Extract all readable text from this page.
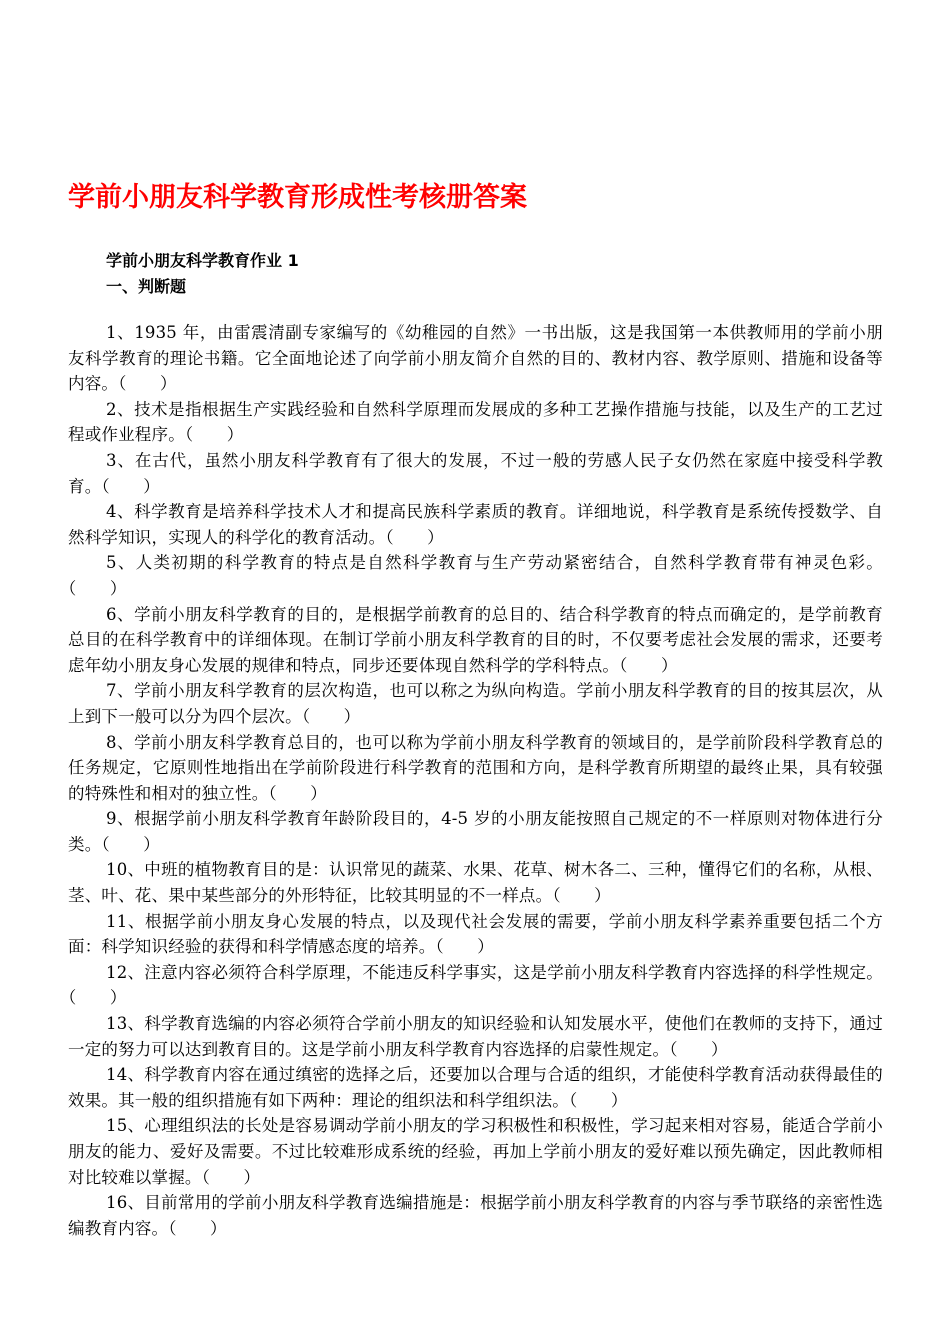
学前小朋友科学教育形成性考核册答案
学前小朋友科学教育作业 1
一、判断题
1、1935 年，由雷震清副专家编写的《幼稚园的自然》一书出版，这是我国第一本供教师用的学前小朋友科学教育的理论书籍。它全面地论述了向学前小朋友简介自然的目的、教材内容、教学原则、措施和设备等内容。（　　）
2、技术是指根据生产实践经验和自然科学原理而发展成的多种工艺操作措施与技能，以及生产的工艺过程或作业程序。（　　）
3、在古代，虽然小朋友科学教育有了很大的发展，不过一般的劳感人民子女仍然在家庭中接受科学教育。（　　）
4、科学教育是培养科学技术人才和提高民族科学素质的教育。详细地说，科学教育是系统传授数学、自然科学知识，实现人的科学化的教育活动。（　　）
5、人类初期的科学教育的特点是自然科学教育与生产劳动紧密结合，自然科学教育带有神灵色彩。（　　）
6、学前小朋友科学教育的目的，是根据学前教育的总目的、结合科学教育的特点而确定的，是学前教育总目的在科学教育中的详细体现。在制订学前小朋友科学教育的目的时，不仅要考虑社会发展的需求，还要考虑年幼小朋友身心发展的规律和特点，同步还要体现自然科学的学科特点。（　　）
7、学前小朋友科学教育的层次构造，也可以称之为纵向构造。学前小朋友科学教育的目的按其层次，从上到下一般可以分为四个层次。（　　）
8、学前小朋友科学教育总目的，也可以称为学前小朋友科学教育的领域目的，是学前阶段科学教育总的任务规定，它原则性地指出在学前阶段进行科学教育的范围和方向，是科学教育所期望的最终止果，具有较强的特殊性和相对的独立性。（　　）
9、根据学前小朋友科学教育年龄阶段目的，4-5 岁的小朋友能按照自己规定的不一样原则对物体进行分类。（　　）
10、中班的植物教育目的是：认识常见的蔬菜、水果、花草、树木各二、三种，懂得它们的名称，从根、茎、叶、花、果中某些部分的外形特征，比较其明显的不一样点。（　　）
11、根据学前小朋友身心发展的特点，以及现代社会发展的需要，学前小朋友科学素养重要包括二个方面：科学知识经验的获得和科学情感态度的培养。（　　）
12、注意内容必须符合科学原理，不能违反科学事实，这是学前小朋友科学教育内容选择的科学性规定。（　　）
13、科学教育选编的内容必须符合学前小朋友的知识经验和认知发展水平，使他们在教师的支持下，通过一定的努力可以达到教育目的。这是学前小朋友科学教育内容选择的启蒙性规定。（　　）
14、科学教育内容在通过缜密的选择之后，还要加以合理与合适的组织，才能使科学教育活动获得最佳的效果。其一般的组织措施有如下两种：理论的组织法和科学组织法。（　　）
15、心理组织法的长处是容易调动学前小朋友的学习积极性和积极性，学习起来相对容易，能适合学前小朋友的能力、爱好及需要。不过比较难形成系统的经验，再加上学前小朋友的爱好难以预先确定，因此教师相对比较难以掌握。（　　）
16、目前常用的学前小朋友科学教育选编措施是：根据学前小朋友科学教育的内容与季节联络的亲密性选编教育内容。（　　）
